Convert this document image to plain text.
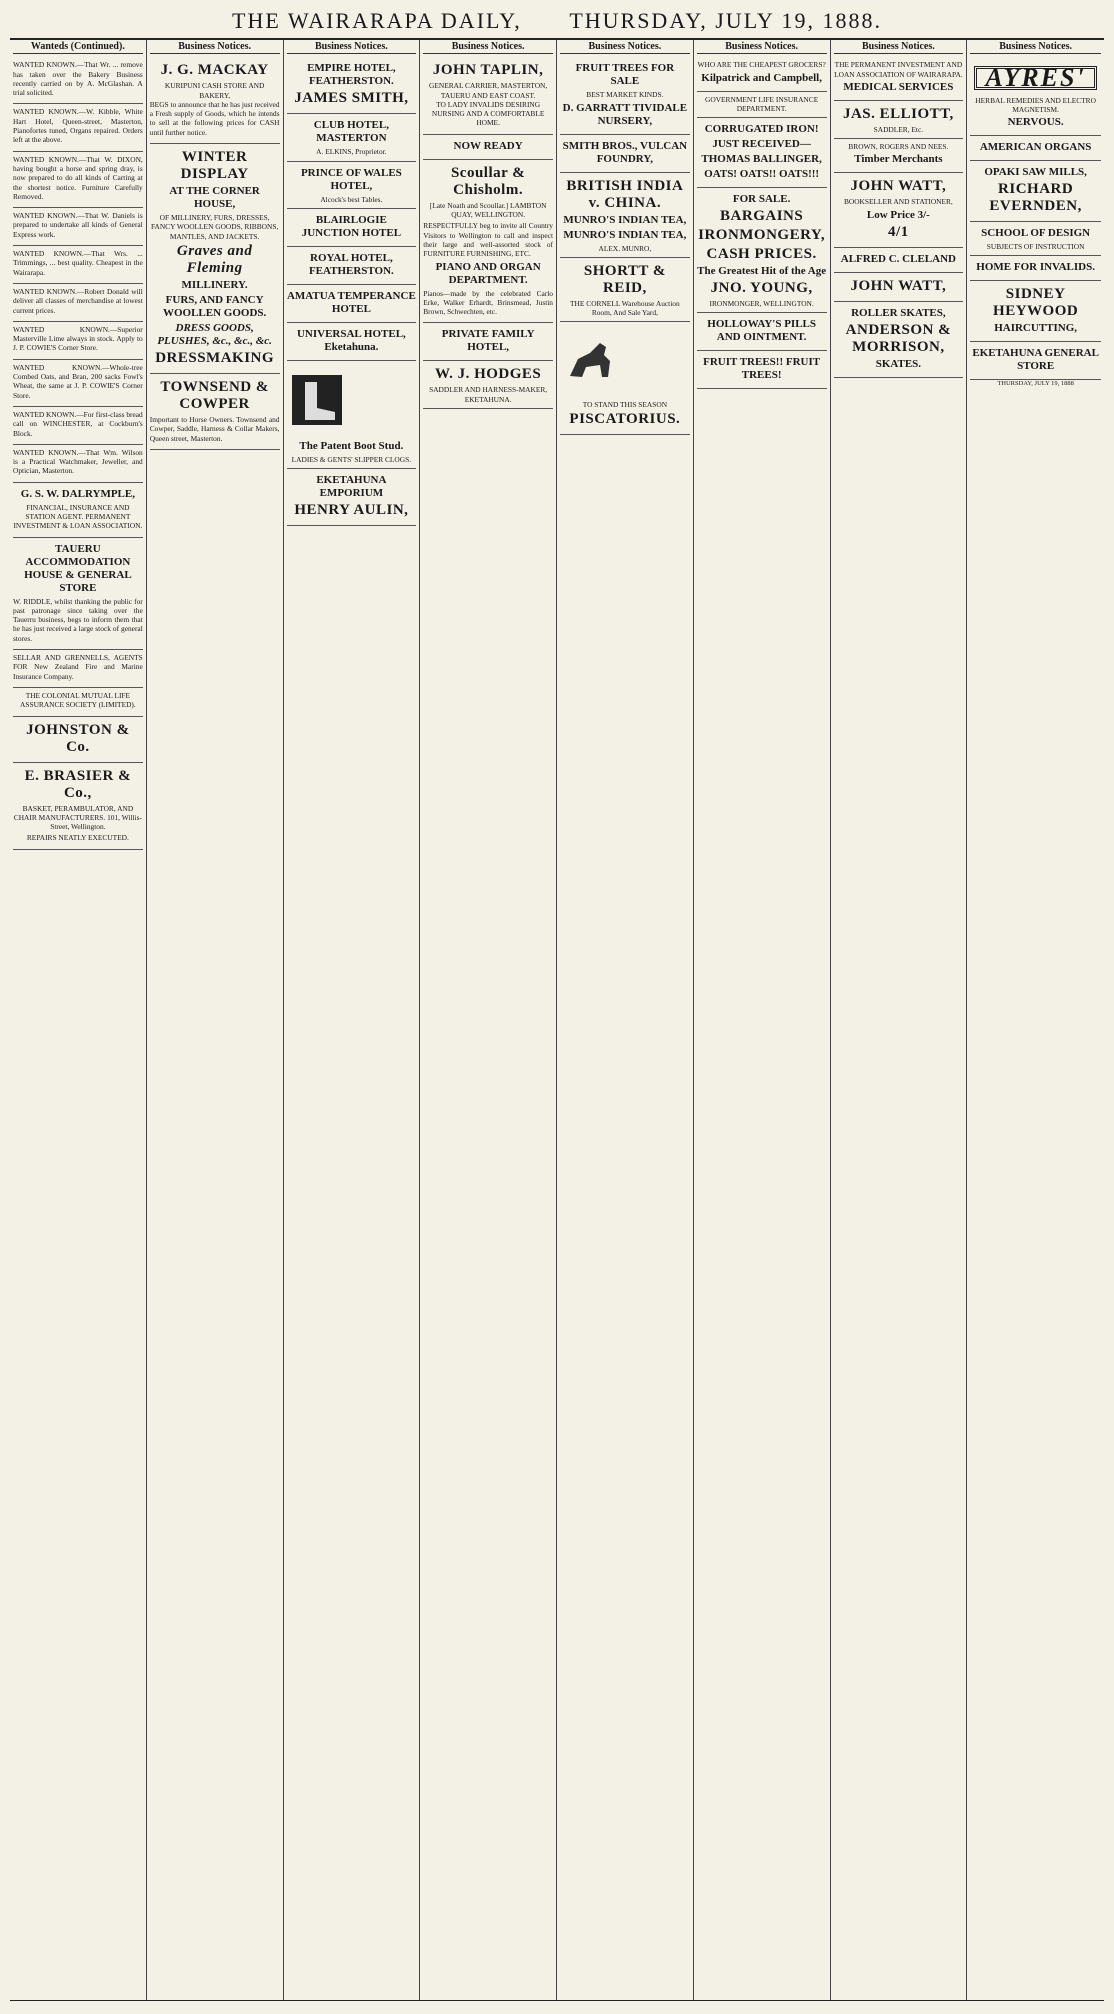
THE WAIRARAPA DAILY, THURSDAY, JULY 19, 1888.
Wanteds (Continued).

WANTED KNOWN.—That Wr. ... remove has taken over the Bakery Business recently carried on by A. McGlashan. A trial solicited.

WANTED KNOWN.—W. Kibble, White Hart Hotel, Queen-street, Masterton, Pianofortes tuned, Organs repaired. Orders left at the above.

WANTED KNOWN.—That W. DIXON, having bought a horse and spring dray, is now prepared to do all kinds of Carting at the shortest notice. Furniture Carefully Removed.

WANTED KNOWN.—That W. Daniels is prepared to undertake all kinds of General Express work.

WANTED KNOWN.—That Wrs. ... Trimmings, ... best quality. Cheapest in the Wairarapa.

WANTED KNOWN.—Robert Donald will deliver all classes of merchandise at lowest current prices.

WANTED KNOWN.—Superior Masterville Lime always in stock. Apply to J. P. COWIE'S Corner Store.

WANTED KNOWN.—Whole-tree Combed Oats, and Bran, 200 sacks Fowl's Wheat, the same at J. P. COWIE'S Corner Store.

WANTED KNOWN.—For first-class bread call on WINCHESTER, at Cockburn's Block.

WANTED KNOWN.—That Wm. Wilson is a Practical Watchmaker, Jeweller, and Optician, Masterton.

G. S. W. DALRYMPLE,

FINANCIAL, INSURANCE AND STATION AGENT. PERMANENT INVESTMENT & LOAN ASSOCIATION.

TAUERU ACCOMMODATION HOUSE & GENERAL STORE

W. RIDDLE, whilst thanking the public for past patronage since taking over the Tauerru business, begs to inform them that he has just received a large stock of general stores.

SELLAR AND GRENNELLS, AGENTS FOR New Zealand Fire and Marine Insurance Company.

THE COLONIAL MUTUAL LIFE ASSURANCE SOCIETY (LIMITED).

JOHNSTON & Co.
E. BRASIER & Co.,

BASKET, PERAMBULATOR, AND CHAIR MANUFACTURERS. 101, Willis-Street, Wellington.

REPAIRS NEATLY EXECUTED.

Business Notices.
J. G. MACKAY
KURIPUNI CASH STORE AND BAKERY,

BEGS to announce that he has just received a Fresh supply of Goods, which he intends to sell at the following prices for CASH until further notice.

WINTER DISPLAY
AT THE CORNER HOUSE,

OF MILLINERY, FURS, DRESSES, FANCY WOOLLEN GOODS, RIBBONS, MANTLES, AND JACKETS.

Graves and Fleming
MILLINERY.
FURS, AND FANCY WOOLLEN GOODS.
DRESS GOODS, PLUSHES, &c., &c., &c.
DRESSMAKING
TOWNSEND & COWPER

Important to Horse Owners. Townsend and Cowper, Saddle, Harness & Collar Makers, Queen street, Masterton.

Business Notices.
EMPIRE HOTEL, FEATHERSTON.
JAMES SMITH,
CLUB HOTEL, MASTERTON
A. ELKINS, Proprietor.
PRINCE OF WALES HOTEL,
Alcock's best Tables.
BLAIRLOGIE JUNCTION HOTEL
ROYAL HOTEL, FEATHERSTON.
AMATUA TEMPERANCE HOTEL
UNIVERSAL HOTEL, Eketahuna.
The Patent Boot Stud.
LADIES & GENTS' SLIPPER CLOGS.
EKETAHUNA EMPORIUM
HENRY AULIN,
Business Notices.
JOHN TAPLIN,
GENERAL CARRIER, MASTERTON, TAUERU AND EAST COAST.

TO LADY INVALIDS DESIRING NURSING AND A COMFORTABLE HOME.

NOW READY
Scoullar & Chisholm.

[Late Noath and Scoullar.] LAMBTON QUAY, WELLINGTON.

RESPECTFULLY beg to invite all Country Visitors to Wellington to call and inspect their large and well-assorted stock of FURNITURE FURNISHING, ETC.

PIANO AND ORGAN DEPARTMENT.

Pianos—made by the celebrated Carlo Erke, Walker Erhardt, Brinsmead, Justin Brown, Schwechten, etc.

PRIVATE FAMILY HOTEL,
W. J. HODGES
SADDLER AND HARNESS-MAKER, EKETAHUNA.
Business Notices.
FRUIT TREES FOR SALE
BEST MARKET KINDS.
D. GARRATT TIVIDALE NURSERY,
SMITH BROS., VULCAN FOUNDRY,
BRITISH INDIA v. CHINA.
MUNRO'S INDIAN TEA,
MUNRO'S INDIAN TEA,
ALEX. MUNRO,
SHORTT & REID,
THE CORNELL Warehouse Auction Room, And Sale Yard,
TO STAND THIS SEASON
PISCATORIUS.
Business Notices.
WHO ARE THE CHEAPEST GROCERS?
Kilpatrick and Campbell,
GOVERNMENT LIFE INSURANCE DEPARTMENT.
CORRUGATED IRON!
JUST RECEIVED—
THOMAS BALLINGER,
OATS! OATS!! OATS!!!
FOR SALE.
BARGAINS
IRONMONGERY,
CASH PRICES.
The Greatest Hit of the Age
JNO. YOUNG,
IRONMONGER, WELLINGTON.
HOLLOWAY'S PILLS AND OINTMENT.
FRUIT TREES!! FRUIT TREES!
Business Notices.
THE PERMANENT INVESTMENT AND LOAN ASSOCIATION OF WAIRARAPA.
MEDICAL SERVICES
JAS. ELLIOTT,
SADDLER, Etc.
BROWN, ROGERS AND NEES.
Timber Merchants
JOHN WATT,
BOOKSELLER AND STATIONER,
Low Price 3/-
4/1
ALFRED C. CLELAND
JOHN WATT,
ROLLER SKATES,
ANDERSON & MORRISON,
SKATES.
Business Notices.
AYRES'
HERBAL REMEDIES AND ELECTRO MAGNETISM.
NERVOUS.
AMERICAN ORGANS
OPAKI SAW MILLS,
RICHARD EVERNDEN,
SCHOOL OF DESIGN
SUBJECTS OF INSTRUCTION
HOME FOR INVALIDS.
SIDNEY HEYWOOD
HAIRCUTTING,
EKETAHUNA GENERAL STORE
THURSDAY, JULY 19, 1888
